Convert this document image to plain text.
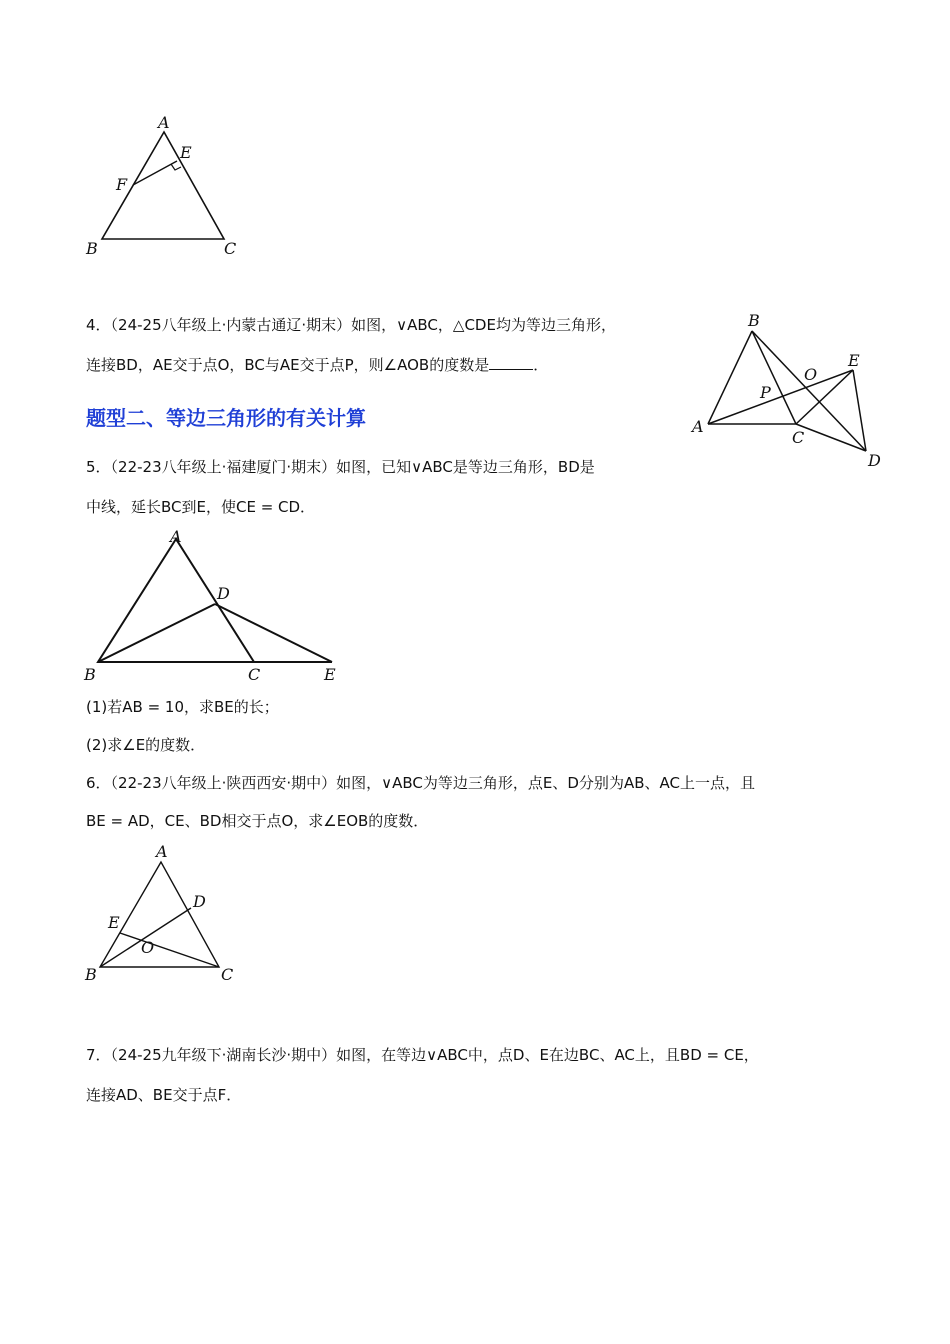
A
E
F
B	C
4．（24-25八年级上·内蒙古通辽·期末）如图，∨ABC，△CDE均为等边三角形，
连接BD，AE交于点O，BC与AE交于点P，则∠AOB的度数是	．
B
E
O
P
A
C
D
题型二、等边三角形的有关计算
5．（22-23八年级上·福建厦门·期末）如图，已知∨ABC是等边三角形，BD是
中线，延长BC到E，使CE = CD．
A
D
B	C	E
(1)若AB = 10，求BE的长；
(2)求∠E的度数．
6．（22-23八年级上·陕西西安·期中）如图，∨ABC为等边三角形，点E、D分别为AB、AC上一点，且
BE = AD，CE、BD相交于点O，求∠EOB的度数．
A
D
E
O
B	C
7．（24-25九年级下·湖南长沙·期中）如图，在等边∨ABC中，点D、E在边BC、AC上，且BD = CE，
连接AD、BE交于点F．
